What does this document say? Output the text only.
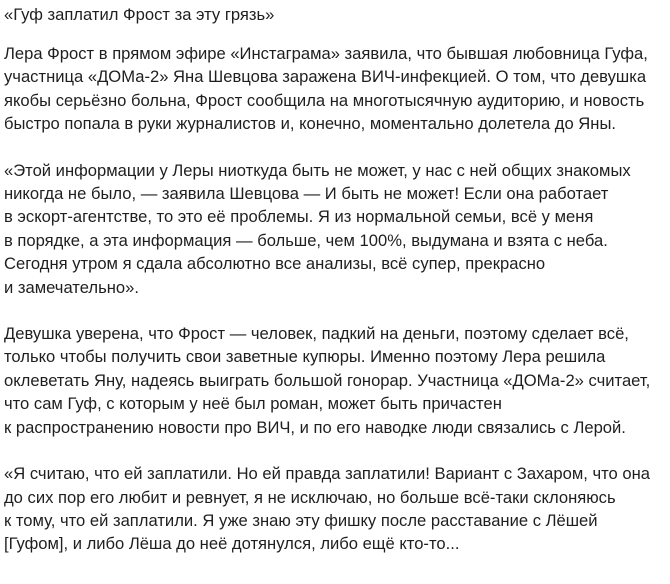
«Гуф заплатил Фрост за эту грязь»

Лера Фрост в прямом эфире «Инстаграма» заявила, что бывшая любовница Гуфа,
участница «ДОМа-2» Яна Шевцова заражена ВИЧ-инфекцией. О том, что девушка
якобы серьёзно больна, Фрост сообщила на многотысячную аудиторию, и новость
быстро попала в руки журналистов и, конечно, моментально долетела до Яны.

«Этой информации у Леры ниоткуда быть не может, у нас с ней общих знакомых
никогда не было, — заявила Шевцова — И быть не может! Если она работает
в эскорт-агентстве, то это её проблемы. Я из нормальной семьи, всё у меня
в порядке, а эта информация — больше, чем 100%, выдумана и взята с неба.
Сегодня утром я сдала абсолютно все анализы, всё супер, прекрасно
и замечательно».

Девушка уверена, что Фрост — человек, падкий на деньги, поэтому сделает всё,
только чтобы получить свои заветные купюры. Именно поэтому Лера решила
оклеветать Яну, надеясь выиграть большой гонорар. Участница «ДОМа-2» считает,
что сам Гуф, с которым у неё был роман, может быть причастен
к распространению новости про ВИЧ, и по его наводке люди связались с Лерой.

«Я считаю, что ей заплатили. Но ей правда заплатили! Вариант с Захаром, что она
до сих пор его любит и ревнует, я не исключаю, но больше всё-таки склоняюсь
к тому, что ей заплатили. Я уже знаю эту фишку после расставание с Лёшей
[Гуфом], и либо Лёша до неё дотянулся, либо ещё кто-то...
